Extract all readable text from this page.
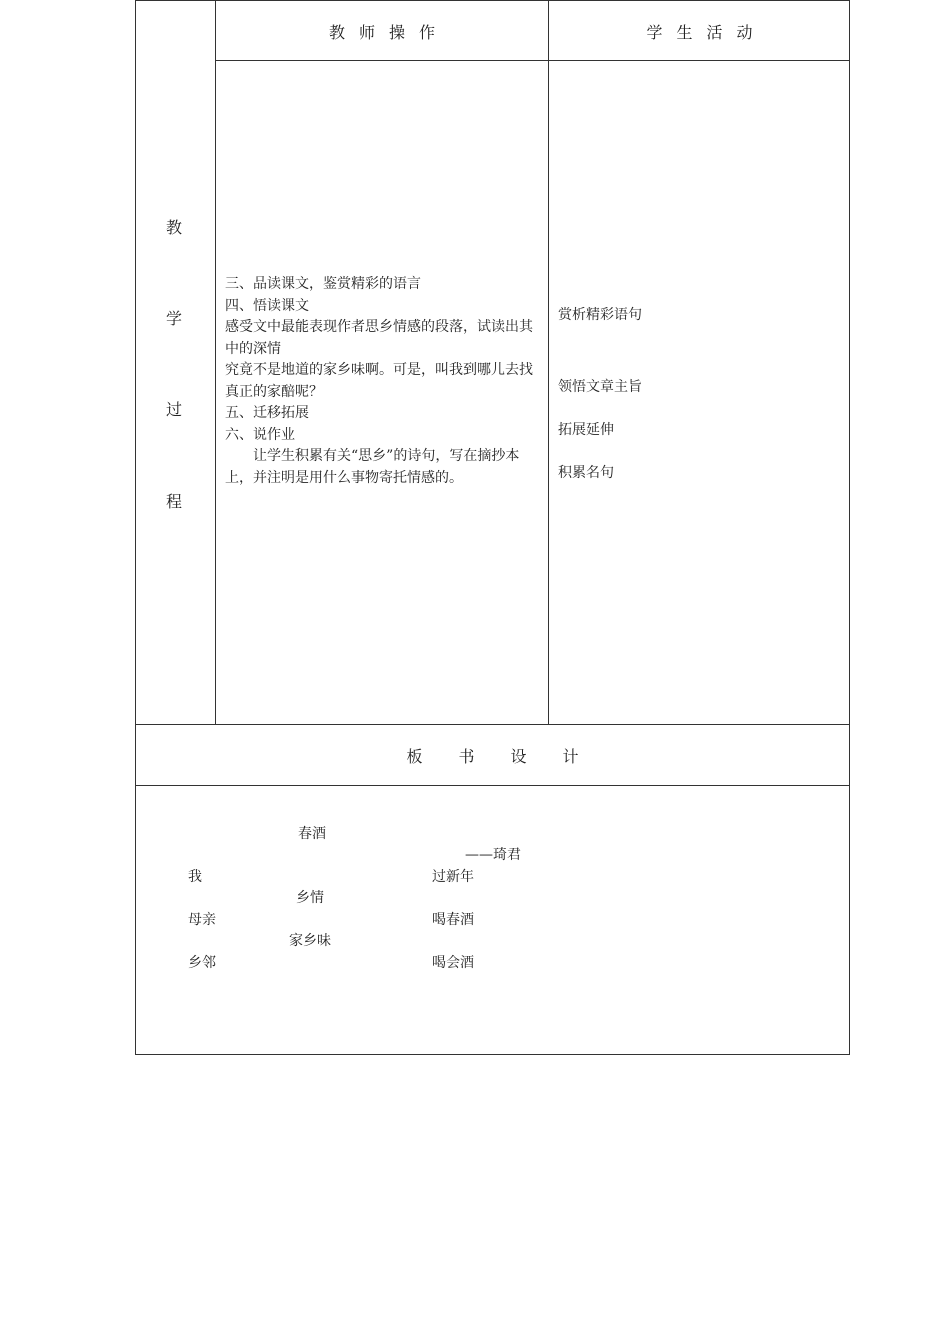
教师操作	学生活动
教
学
过
程
三、品读课文，鉴赏精彩的语言
四、悟读课文
感受文中最能表现作者思乡情感的段落，试读出其中的深情
究竟不是地道的家乡味啊。可是，叫我到哪儿去找真正的家醅呢？
五、迁移拓展
六、说作业
让学生积累有关“思乡”的诗句，写在摘抄本上，并注明是用什么事物寄托情感的。
赏析精彩语句
领悟文章主旨
拓展延伸
积累名句
板书设计
春酒
——琦君
我
母亲
乡邻
乡情
家乡味
过新年
喝春酒
喝会酒
